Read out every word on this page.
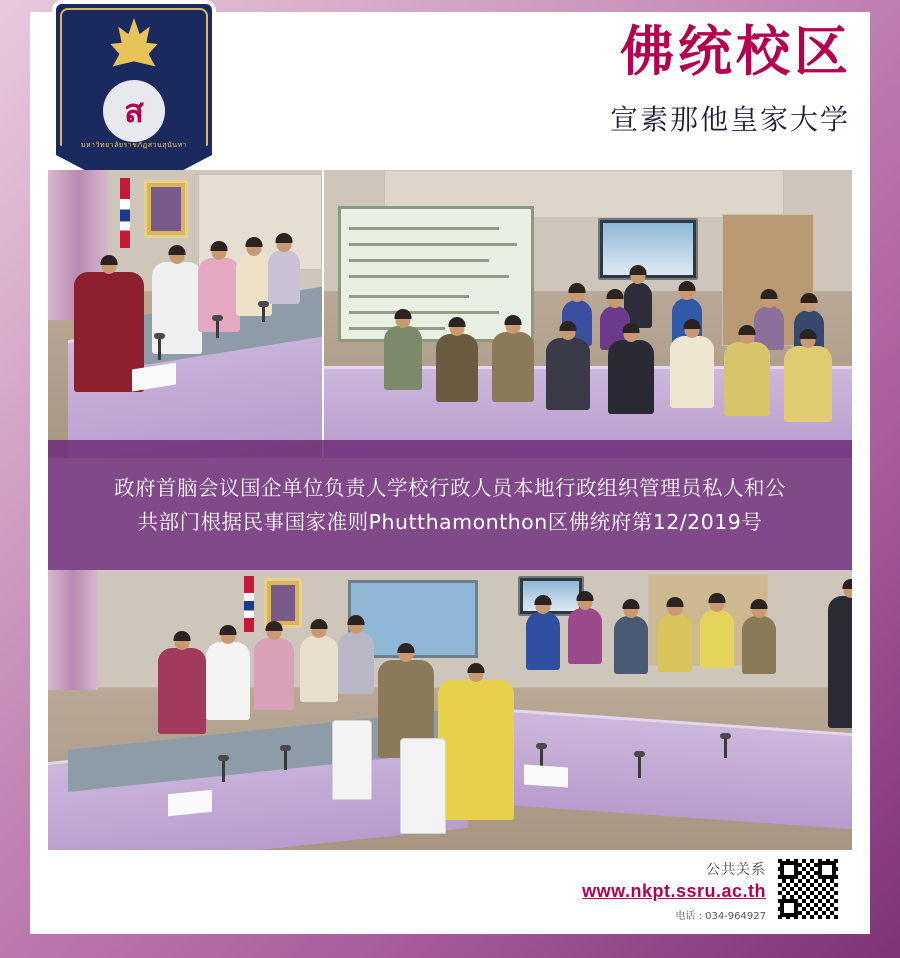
ส
มหาวิทยาลัยราชภัฏสวนสุนันทา
佛统校区
宣素那他皇家大学
政府首脑会议国企单位负责人学校行政人员本地行政组织管理员私人和公
共部门根据民事国家准则Phutthamonthon区佛统府第12/2019号
公共关系
www.nkpt.ssru.ac.th
电话 : 034-964927
